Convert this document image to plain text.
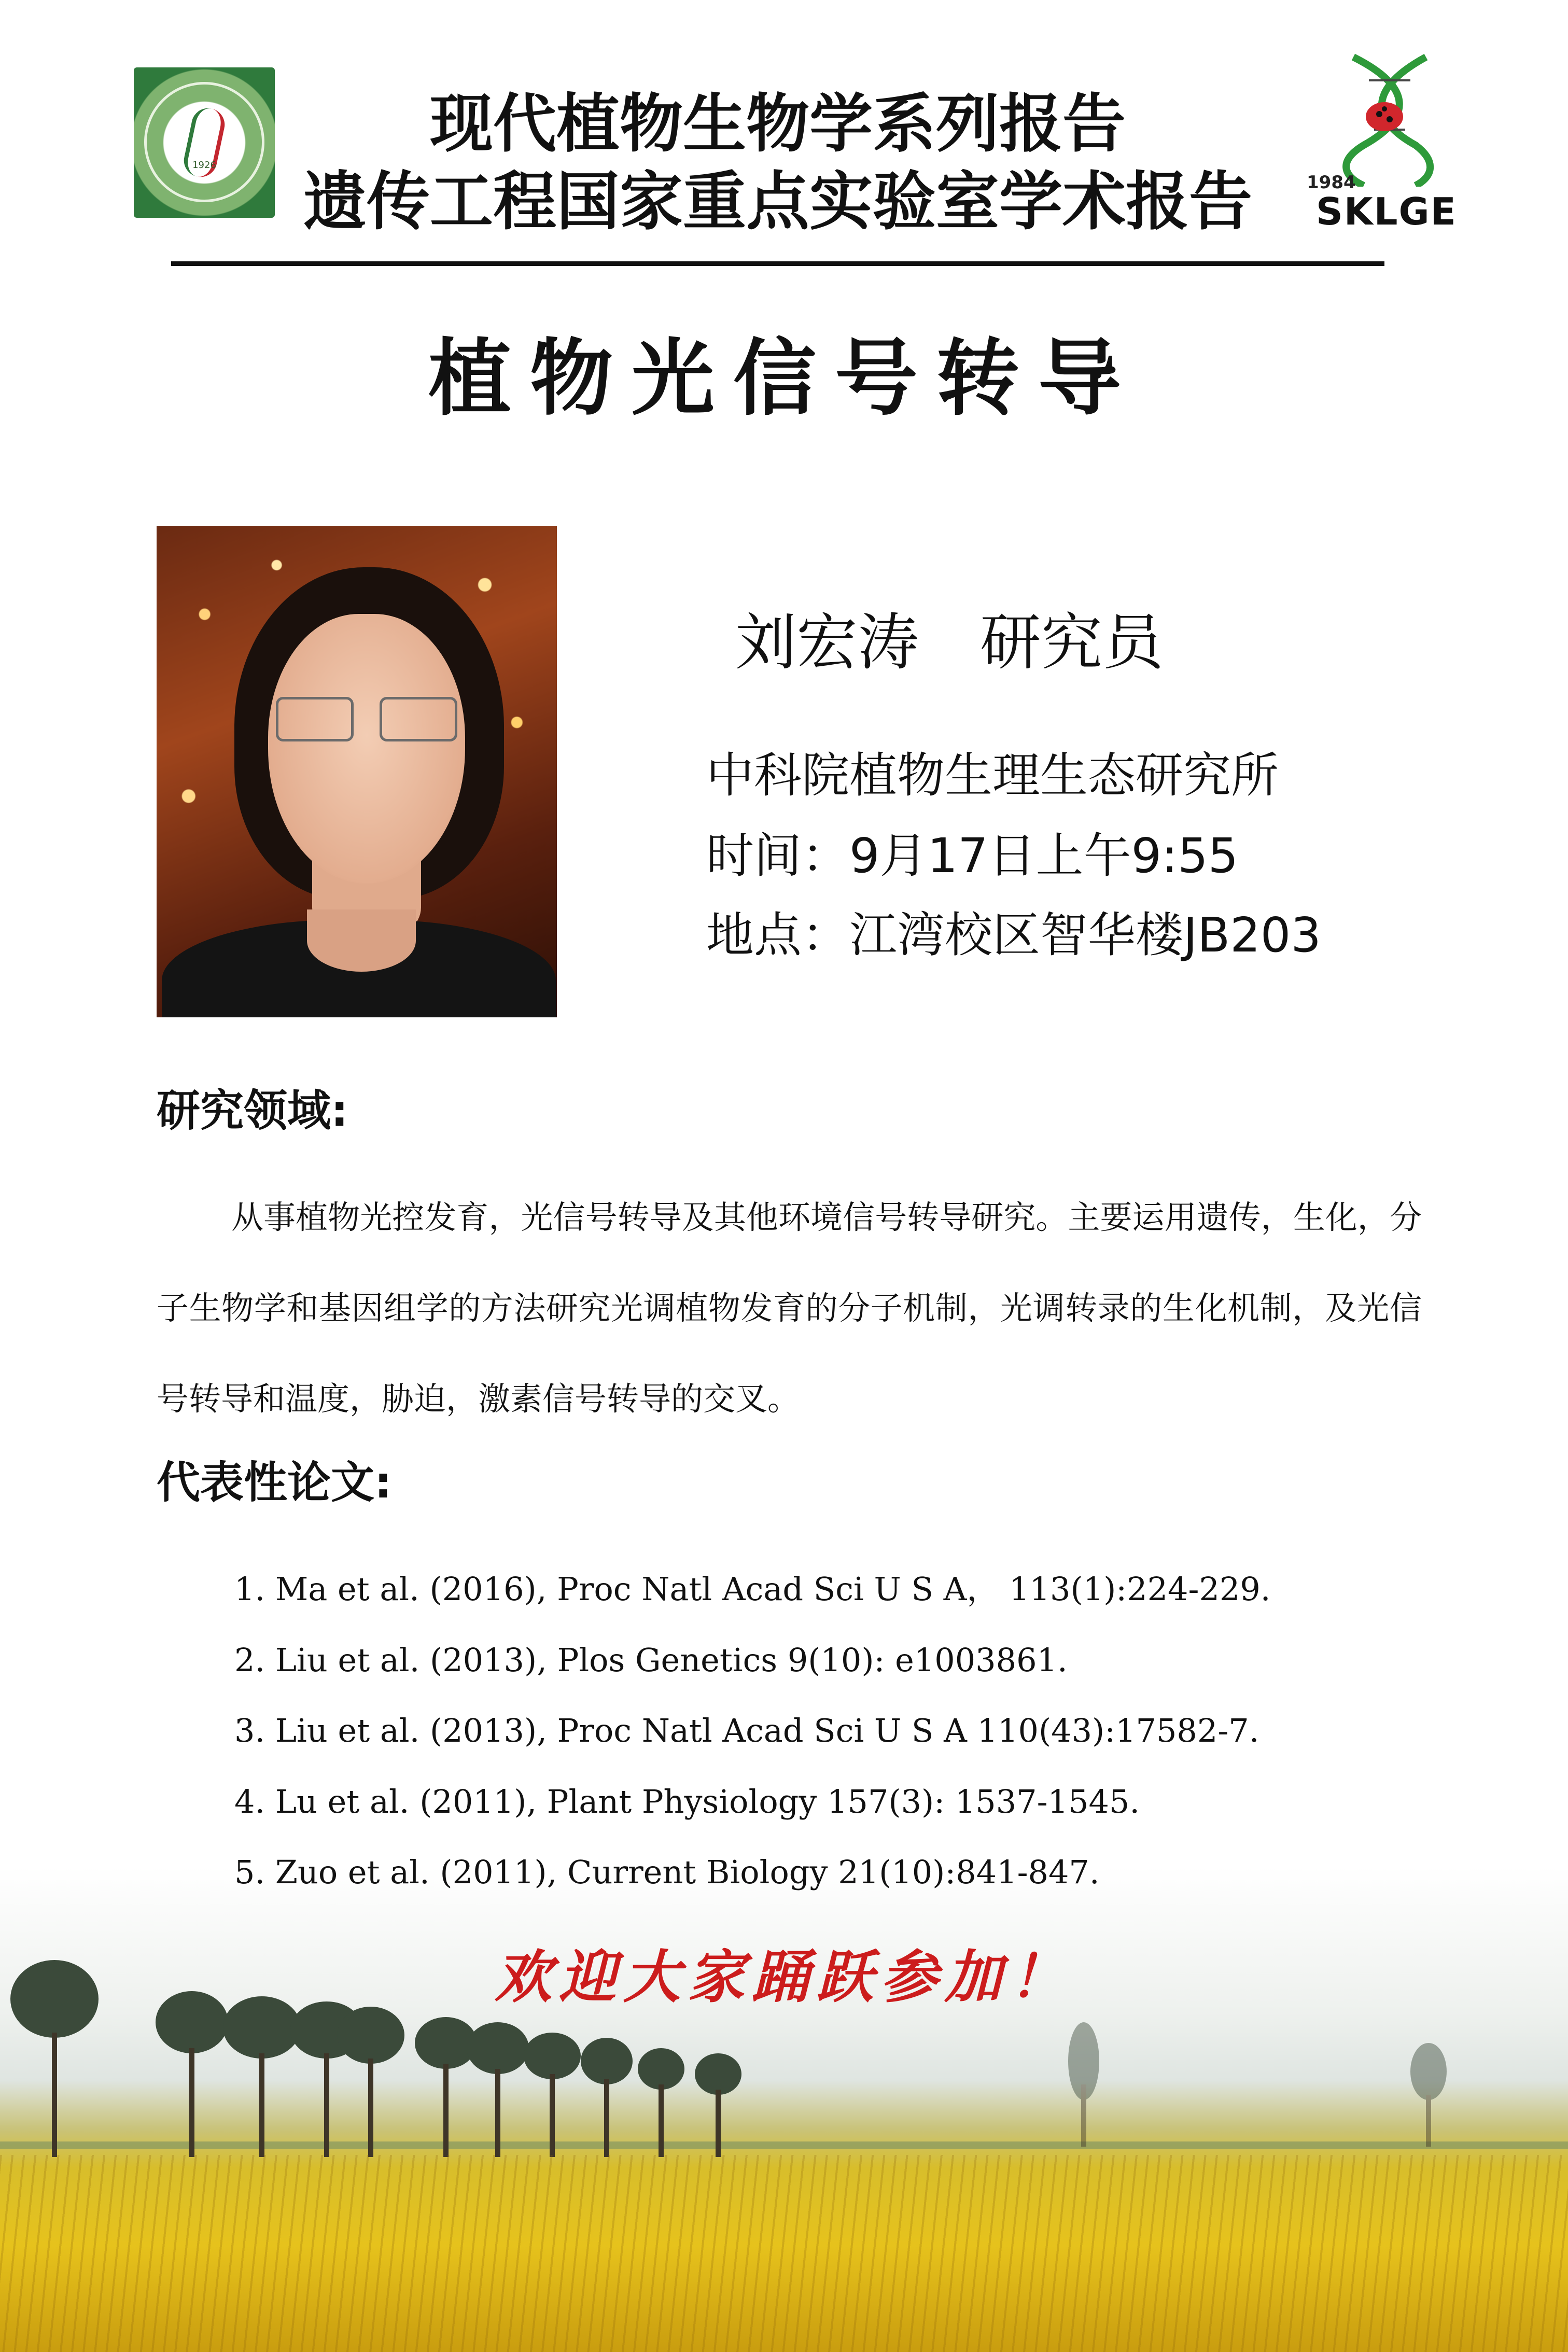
1926
现代植物生物学系列报告
遗传工程国家重点实验室学术报告	1984
SKLGE
植物光信号转导
刘宏涛　研究员
中科院植物生理生态研究所
时间：9月17日上午9:55
地点：江湾校区智华楼JB203
研究领域:
从事植物光控发育，光信号转导及其他环境信号转导研究。主要运用遗传，生化，分子生物学和基因组学的方法研究光调植物发育的分子机制，光调转录的生化机制，及光信号转导和温度，胁迫，激素信号转导的交叉。
代表性论文:
1. Ma et al. (2016), Proc Natl Acad Sci U S A， 113(1):224-229.
2. Liu et al. (2013), Plos Genetics 9(10): e1003861.
3. Liu et al. (2013), Proc Natl Acad Sci U S A 110(43):17582-7.
4. Lu et al. (2011), Plant Physiology 157(3): 1537-1545.
5. Zuo et al. (2011), Current Biology 21(10):841-847.
欢迎大家踊跃参加！
